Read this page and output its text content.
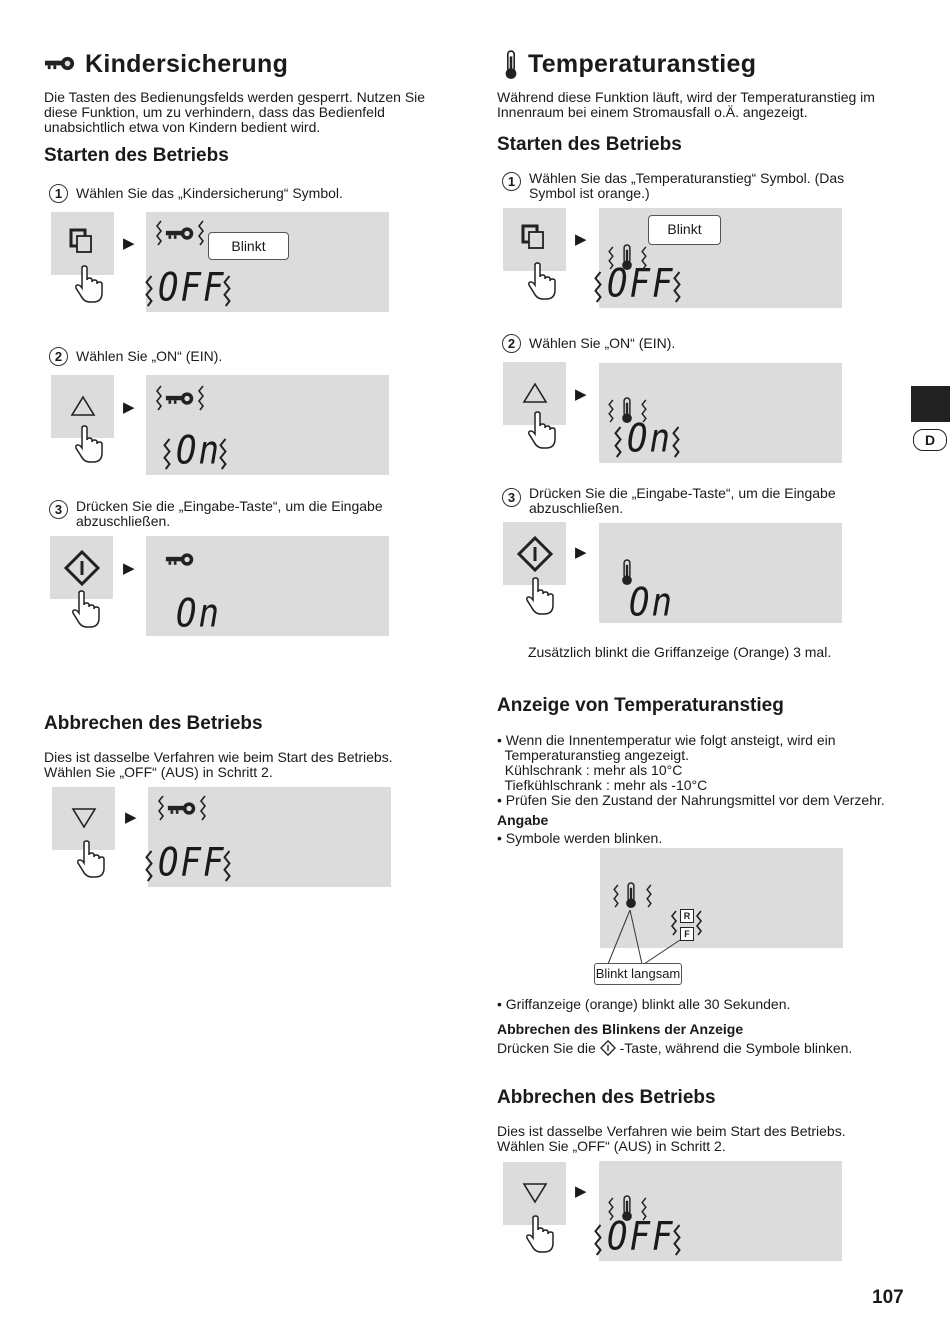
Kindersicherung
Die Tasten des Bedienungsfelds werden gesperrt. Nutzen Sie diese Funktion, um zu verhindern, dass das Bedienfeld unabsichtlich etwa von Kindern bedient wird.
Starten des Betriebs
1 Wählen Sie das „Kindersicherung“ Symbol.
▶
OFF
Blinkt
2 Wählen Sie „ON“ (EIN).
▶
On
3 Drücken Sie die „Eingabe-Taste“, um die Eingabe abzuschließen.
▶
On
Abbrechen des Betriebs
Dies ist dasselbe Verfahren wie beim Start des Betriebs. Wählen Sie „OFF“ (AUS) in Schritt 2.
▶
OFF
Temperaturanstieg
Während diese Funktion läuft, wird der Temperaturanstieg im Innenraum bei einem Stromausfall o.Ä. angezeigt.
Starten des Betriebs
1 Wählen Sie das „Temperaturanstieg“ Symbol. (Das Symbol ist orange.)
▶
OFF
Blinkt
2 Wählen Sie „ON“ (EIN).
▶
On
3 Drücken Sie die „Eingabe-Taste“, um die Eingabe abzuschließen.
▶
On
Zusätzlich blinkt die Griffanzeige (Orange) 3 mal.
Anzeige von Temperaturanstieg
• Wenn die Innentemperatur wie folgt ansteigt, wird ein
Temperaturanstieg angezeigt.
Kühlschrank : mehr als 10°C
Tiefkühlschrank : mehr als -10°C
• Prüfen Sie den Zustand der Nahrungsmittel vor dem Verzehr.
Angabe
• Symbole werden blinken.
R
F
Blinkt langsam
• Griffanzeige (orange) blinkt alle 30 Sekunden.
Abbrechen des Blinkens der Anzeige
Drücken Sie die -Taste, während die Symbole blinken.
Abbrechen des Betriebs
Dies ist dasselbe Verfahren wie beim Start des Betriebs. Wählen Sie „OFF“ (AUS) in Schritt 2.
▶
OFF
D
107
